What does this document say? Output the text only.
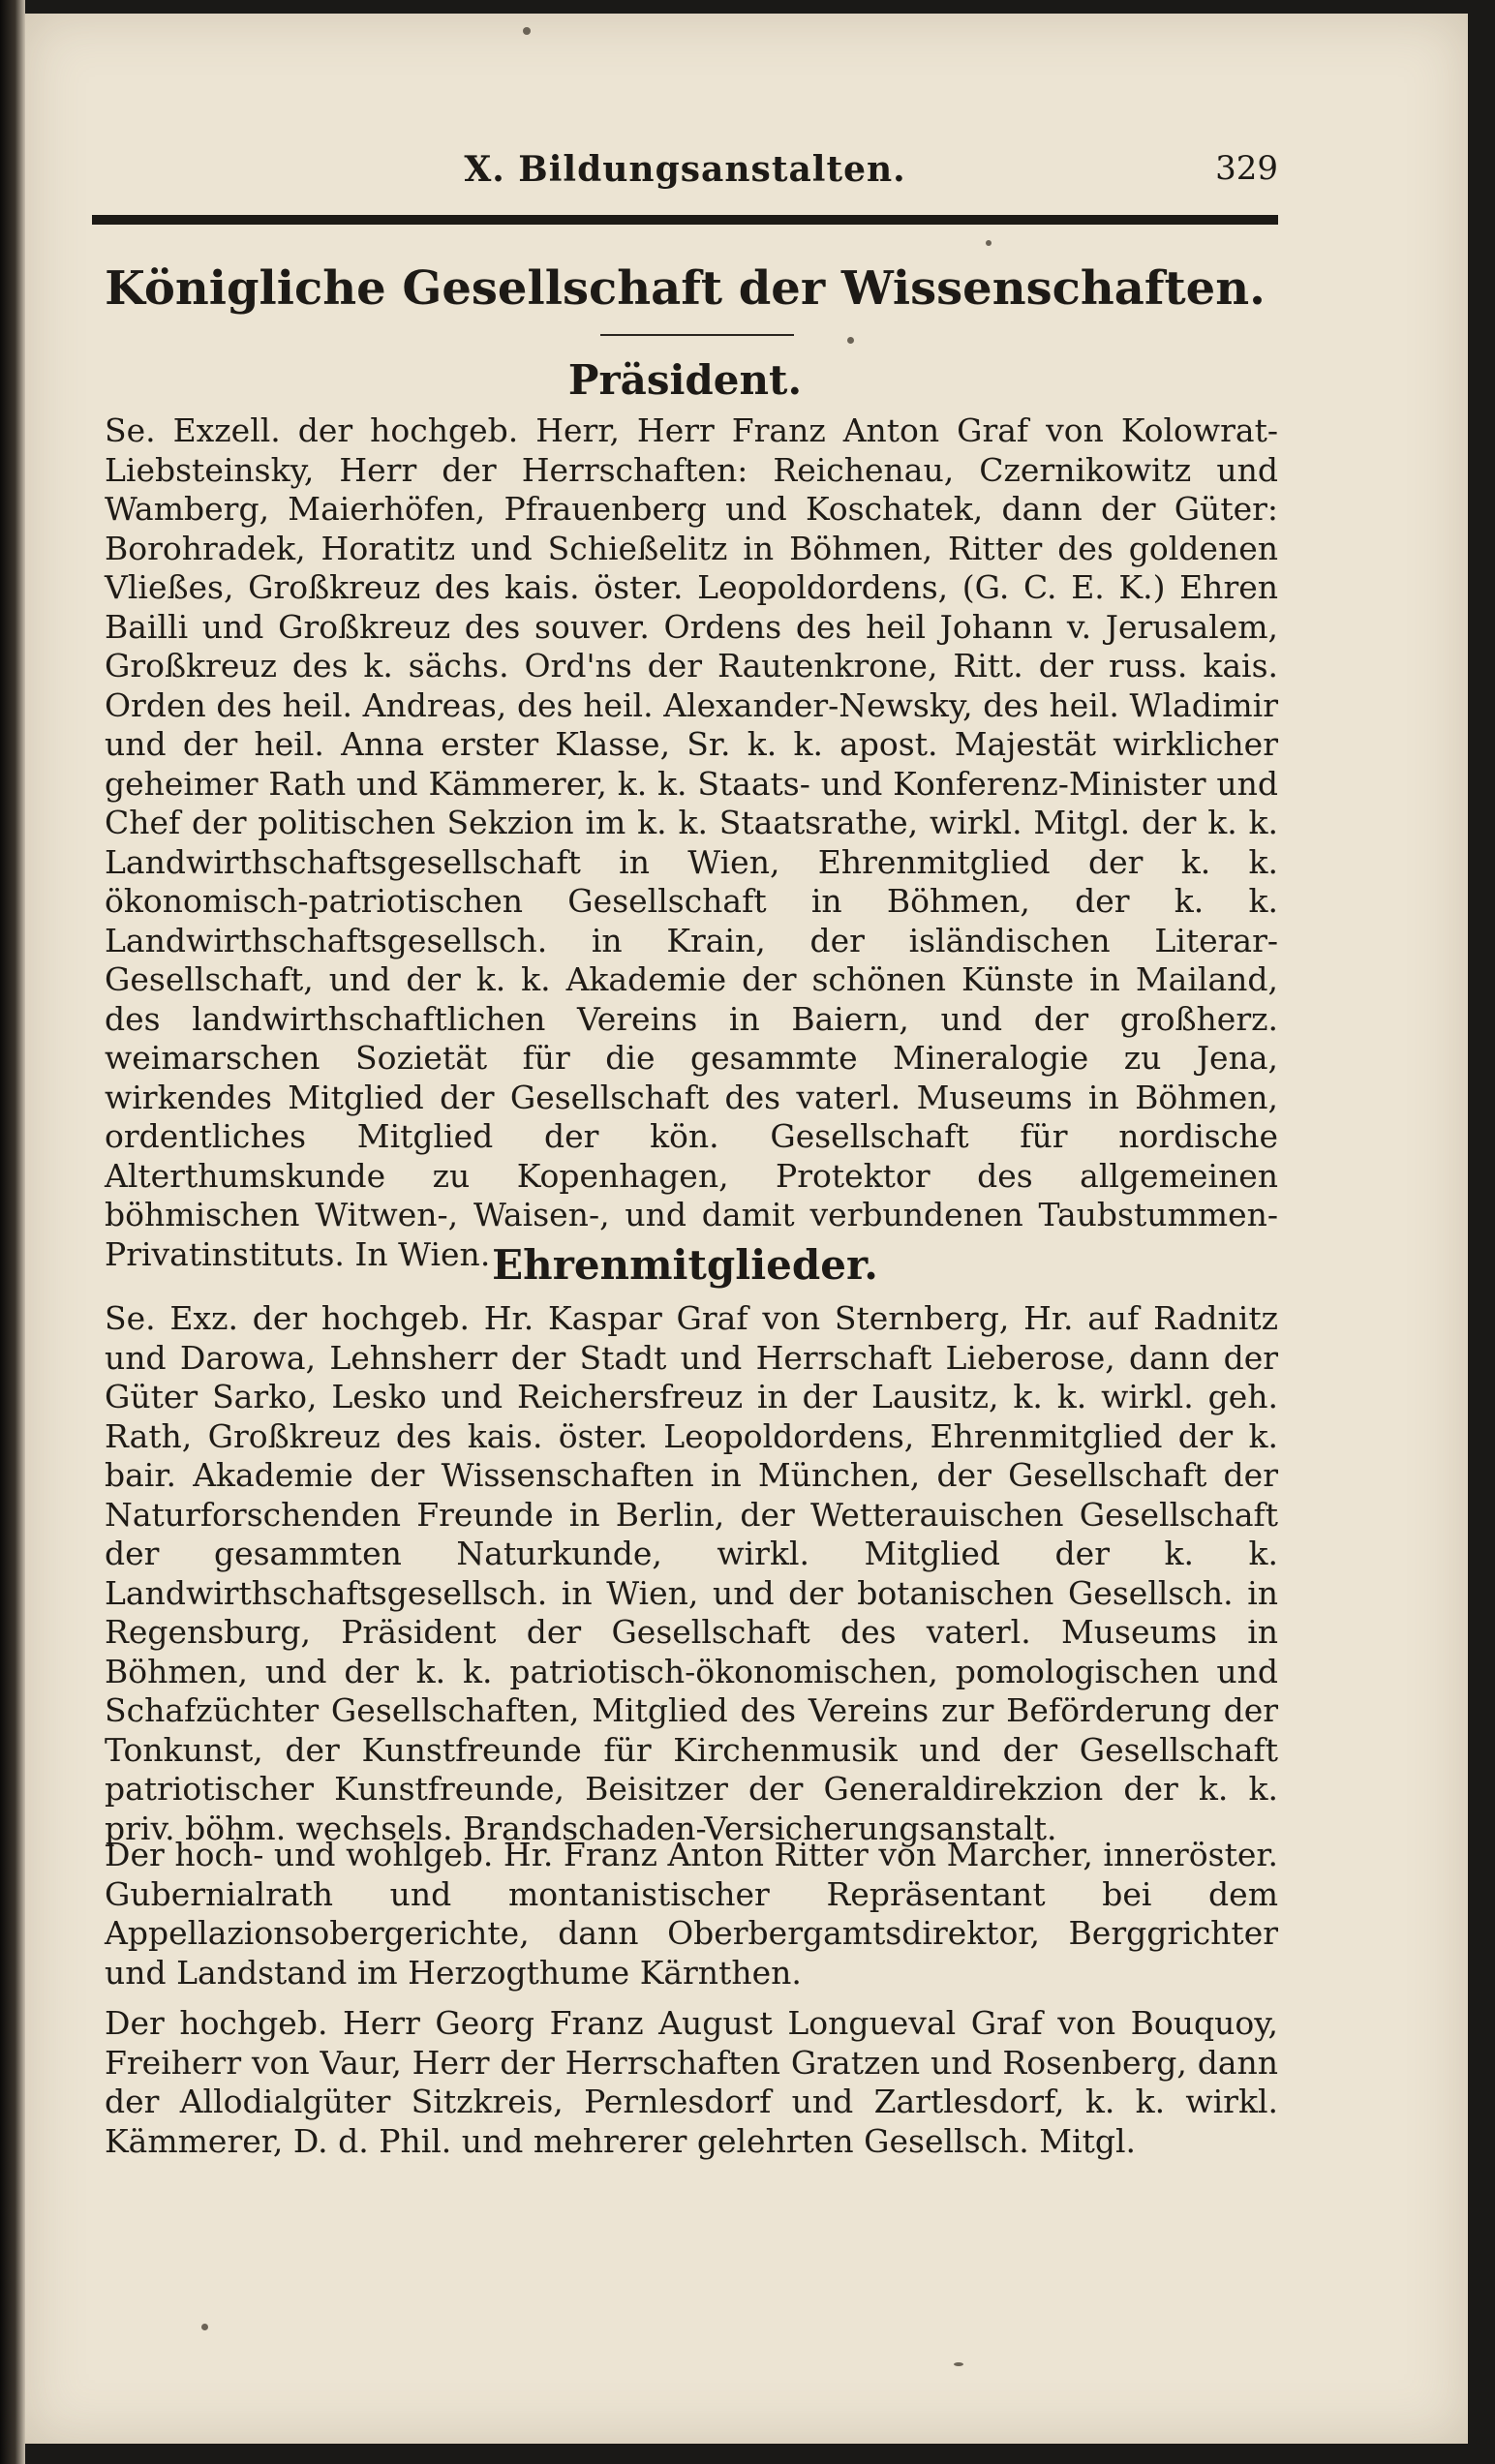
X. Bildungsanstalten.	329
Königliche Gesellschaft der Wissenschaften.
Präsident.
Se. Exzell. der hochgeb. Herr, Herr Franz Anton Graf von Kolowrat-Liebsteinsky, Herr der Herrschaften: Reichenau, Czernikowitz und Wamberg, Maierhöfen, Pfrauenberg und Koschatek, dann der Güter: Borohradek, Horatitz und Schießelitz in Böhmen, Ritter des goldenen Vließes, Großkreuz des kais. öster. Leopoldordens, (G. C. E. K.) Ehren Bailli und Großkreuz des souver. Ordens des heil Johann v. Jerusalem, Großkreuz des k. sächs. Ord'ns der Rautenkrone, Ritt. der russ. kais. Orden des heil. Andreas, des heil. Alexander-Newsky, des heil. Wladimir und der heil. Anna erster Klasse, Sr. k. k. apost. Majestät wirklicher geheimer Rath und Kämmerer, k. k. Staats- und Konferenz-Minister und Chef der politischen Sekzion im k. k. Staatsrathe, wirkl. Mitgl. der k. k. Landwirthschaftsgesellschaft in Wien, Ehrenmitglied der k. k. ökonomisch-patriotischen Gesellschaft in Böhmen, der k. k. Landwirthschaftsgesellsch. in Krain, der isländischen Literar-Gesellschaft, und der k. k. Akademie der schönen Künste in Mailand, des landwirthschaftlichen Vereins in Baiern, und der großherz. weimarschen Sozietät für die gesammte Mineralogie zu Jena, wirkendes Mitglied der Gesellschaft des vaterl. Museums in Böhmen, ordentliches Mitglied der kön. Gesellschaft für nordische Alterthumskunde zu Kopenhagen, Protektor des allgemeinen böhmischen Witwen-, Waisen-, und damit verbundenen Taubstummen-Privatinstituts. In Wien. Ehrenmitglieder.
Se. Exz. der hochgeb. Hr. Kaspar Graf von Sternberg, Hr. auf Radnitz und Darowa, Lehnsherr der Stadt und Herrschaft Lieberose, dann der Güter Sarko, Lesko und Reichersfreuz in der Lausitz, k. k. wirkl. geh. Rath, Großkreuz des kais. öster. Leopoldordens, Ehrenmitglied der k. bair. Akademie der Wissenschaften in München, der Gesellschaft der Naturforschenden Freunde in Berlin, der Wetterauischen Gesellschaft der gesammten Naturkunde, wirkl. Mitglied der k. k. Landwirthschaftsgesellsch. in Wien, und der botanischen Gesellsch. in Regensburg, Präsident der Gesellschaft des vaterl. Museums in Böhmen, und der k. k. patriotisch-ökonomischen, pomologischen und Schafzüchter Gesellschaften, Mitglied des Vereins zur Beförderung der Tonkunst, der Kunstfreunde für Kirchenmusik und der Gesellschaft patriotischer Kunstfreunde, Beisitzer der Generaldirekzion der k. k. priv. böhm. wechsels. Brandschaden-Versicherungsanstalt.
Der hoch- und wohlgeb. Hr. Franz Anton Ritter von Marcher, inneröster. Gubernialrath und montanistischer Repräsentant bei dem Appellazionsobergerichte, dann Oberbergamtsdirektor, Berggrichter und Landstand im Herzogthume Kärnthen.
Der hochgeb. Herr Georg Franz August Longueval Graf von Bouquoy, Freiherr von Vaur, Herr der Herrschaften Gratzen und Rosenberg, dann der Allodialgüter Sitzkreis, Pernlesdorf und Zartlesdorf, k. k. wirkl. Kämmerer, D. d. Phil. und mehrerer gelehrten Gesellsch. Mitgl.
